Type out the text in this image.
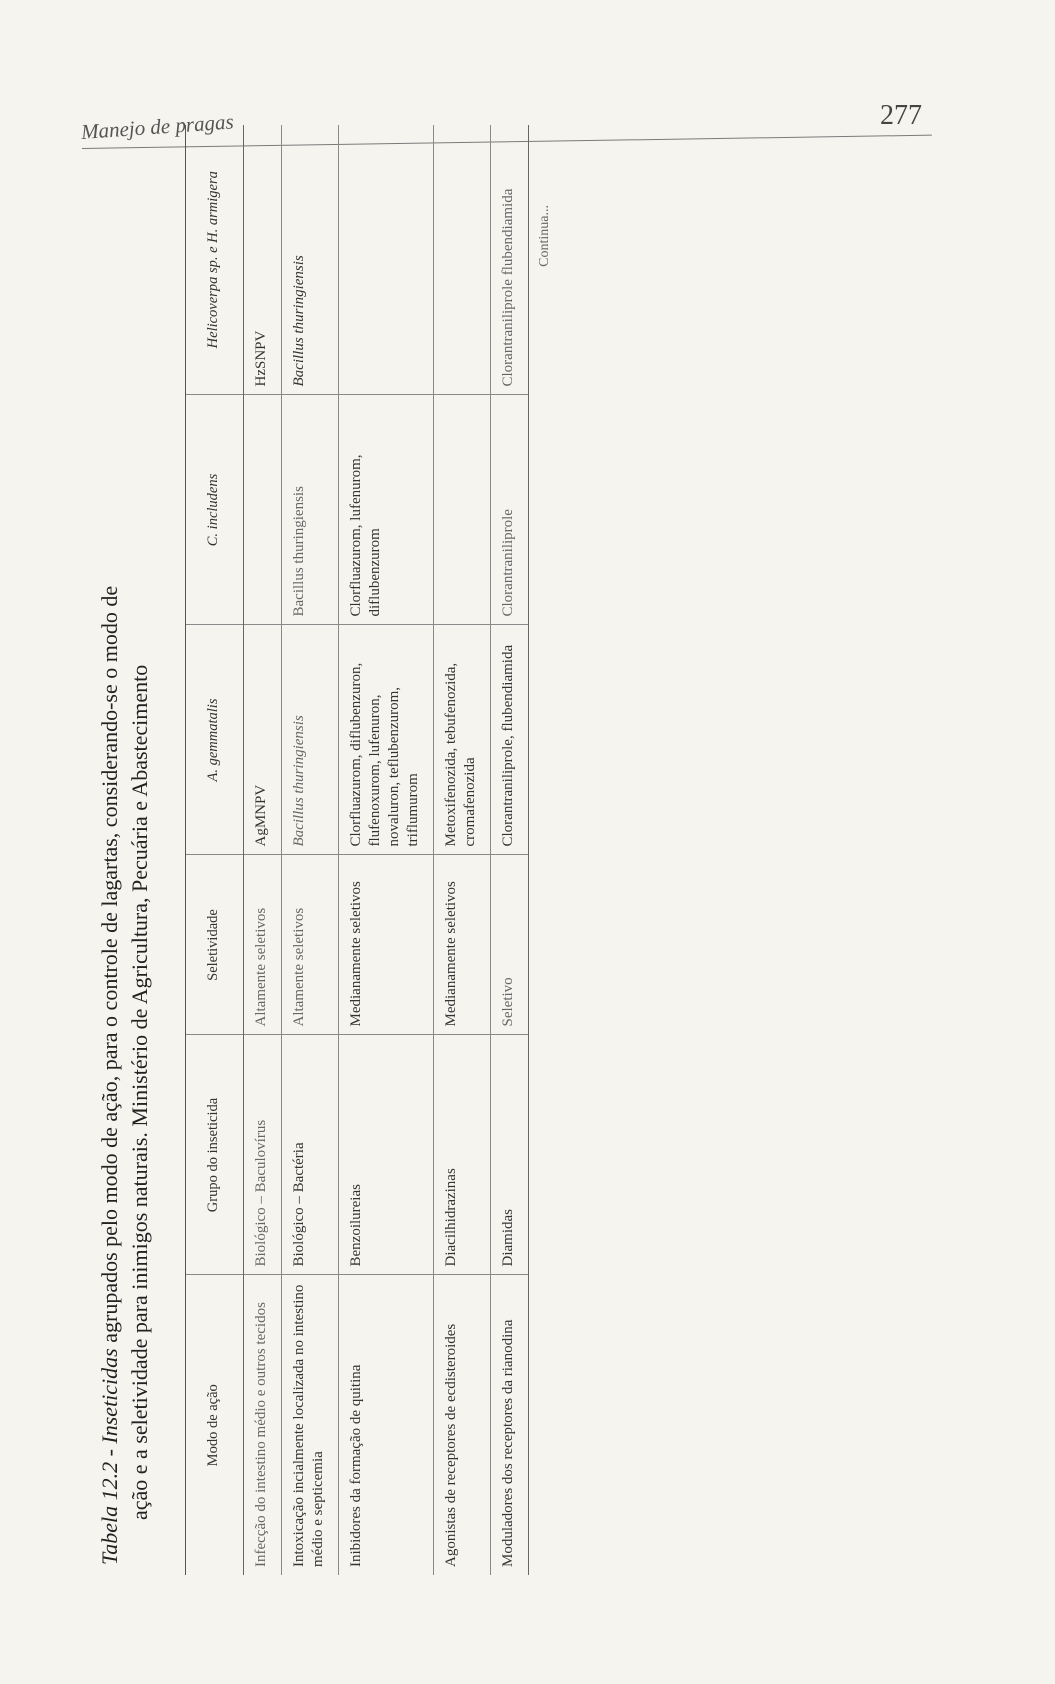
Manejo de pragas	277

Tabela 12.2 - Inseticidas agrupados pelo modo de ação, para o controle de lagartas, considerando-se o modo de ação e a seletividade para inimigos naturais. Ministério de Agricultura, Pecuária e Abastecimento	Modo de ação	Grupo do inseticida	Seletividade	A. gemmatalis	C. includens	Helicoverpa sp. e H. armigera
Infecção do intestino médio e outros tecidos	Biológico – Baculovírus	Altamente seletivos	AgMNPV		HzSNPV
Intoxicação incialmente localizada no intestino médio e septicemia	Biológico – Bactéria	Altamente seletivos	Bacillus thuringiensis	Bacillus thuringiensis	Bacillus thuringiensis
Inibidores da formação de quitina	Benzoilureias	Medianamente seletivos	Clorfluazurom, diflubenzuron, flufenoxurom, lufenuron, novaluron, teflubenzurom, triflumurom	Clorfluazurom, lufenurom, diflubenzurom	
Agonistas de receptores de ecdisteroides	Diacilhidrazinas	Medianamente seletivos	Metoxifenozida, tebufenozida, cromafenozida		
Moduladores dos receptores da rianodina	Diamidas	Seletivo	Clorantraniliprole, flubendiamida	Clorantraniliprole	Clorantraniliprole flubendiamida Continua...
